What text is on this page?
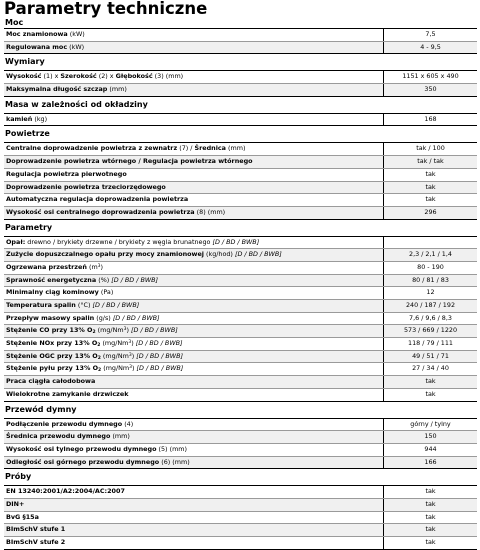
Parametry techniczne
Moc
Moc znamionowa (kW)	7,5
Regulowana moc (kW)	4 - 9,5
Wymiary
Wysokość (1) x Szerokość (2) x Głębokość (3) (mm)	1151 x 605 x 490
Maksymalna długość szczap (mm)	350
Masa w zależności od okładziny
kamień (kg)	168
Powietrze
Centralne doprowadzenie powietrza z zewnatrz (7) / Średnica (mm)	tak / 100
Doprowadzenie powietrza wtórnego / Regulacja powietrza wtórnego	tak / tak
Regulacja powietrza pierwotnego	tak
Doprowadzenie powietrza trzeciorzędowego	tak
Automatyczna regulacja doprowadzenia powietrza	tak
Wysokość osi centralnego doprowadzenia powietrza (8) (mm)	296
Parametry
Opał: drewno / brykiety drzewne / brykiety z węgla brunatnego [D / BD / BWB]
Zużycie dopuszczalnego opału przy mocy znamionowej (kg/hod) [D / BD / BWB]	2,3 / 2,1 / 1,4
Ogrzewana przestrzeń $(m^3)$	80 - 190
Sprawność energetyczna (%) [D / BD / BWB]	80 / 81 / 83
Minimalny ciąg kominowy (Pa)	12
Temperatura spalin (°C) [D / BD / BWB]	240 / 187 / 192
Przepływ masowy spalin (g/s) [D / BD / BWB]	7,6 / 9,6 / 8,3
Stężenie CO przy 13% $O_2$ (mg/Nm$^3$) [D / BD / BWB]	573 / 669 / 1220
Stężenie NOx przy 13% $O_2$ (mg/Nm$^3$) [D / BD / BWB]	118 / 79 / 111
Stężenie OGC przy 13% $O_2$ (mg/Nm$^3$) [D / BD / BWB]	49 / 51 / 71
Stężenie pyłu przy 13% $O_2$ (mg/Nm$^3$) [D / BD / BWB]	27 / 34 / 40
Praca ciągła całodobowa	tak
Wielokrotne zamykanie drzwiczek	tak
Przewód dymny
Podłączenie przewodu dymnego (4)	górny / tylny
Średnica przewodu dymnego (mm)	150
Wysokość osi tylnego przewodu dymnego (5) (mm)	944
Odległość osi górnego przewodu dymnego (6) (mm)	166
Próby
EN 13240:2001/A2:2004/AC:2007	tak
DIN+	tak
BvG §15a	tak
BImSchV stufe 1	tak
BImSchV stufe 2	tak
